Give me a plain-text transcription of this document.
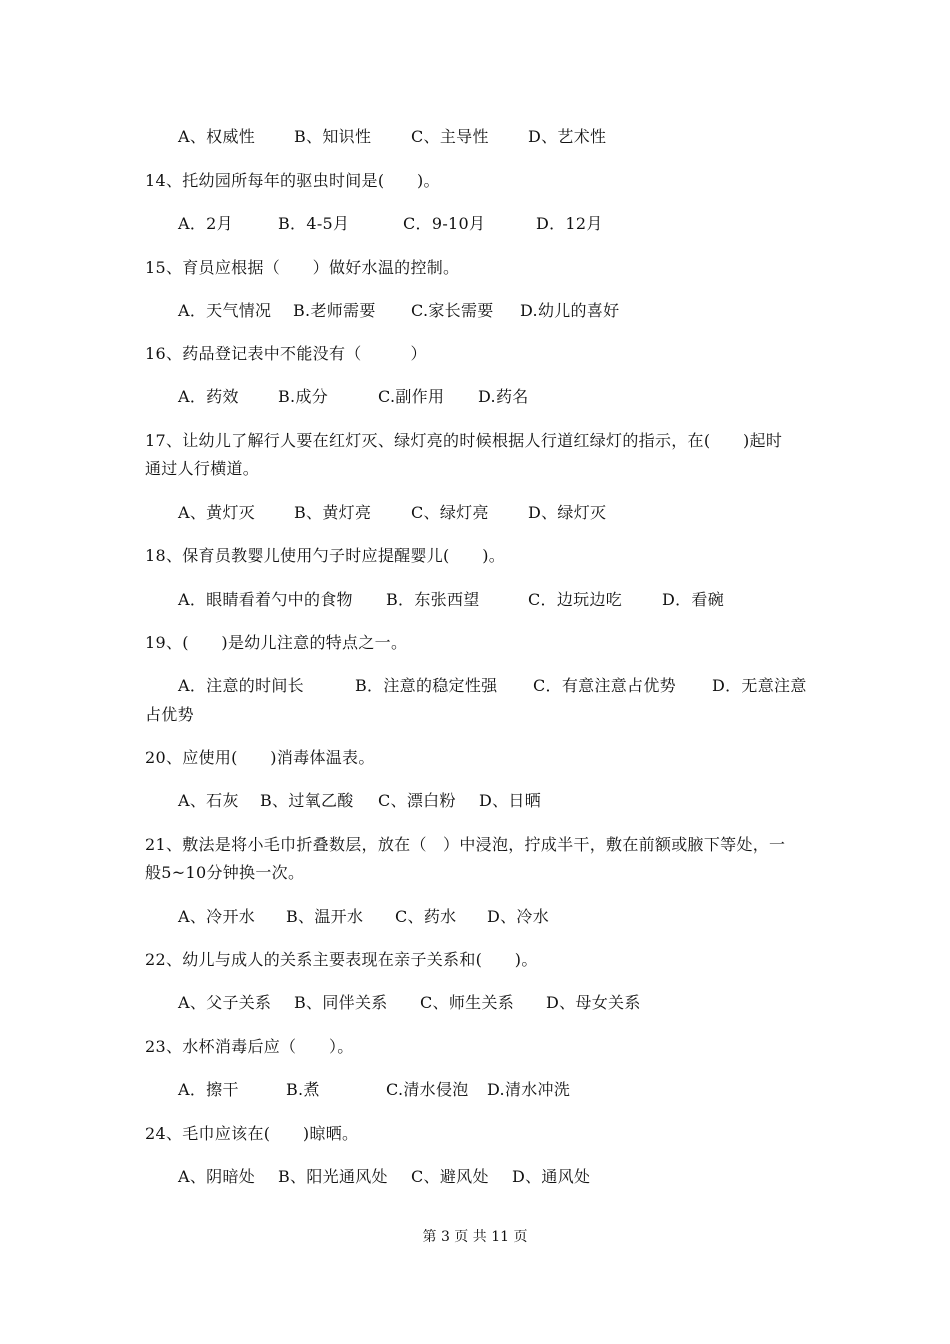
A、权威性 B、知识性 C、主导性 D、艺术性
14、托幼园所每年的驱虫时间是(　　)。
A．2月	B．4-5月	C．9-10月	D．12月
15、育员应根据（　　）做好水温的控制。
A．天气情况 B.老师需要 C.家长需要 D.幼儿的喜好
16、药品登记表中不能没有（　　　）
A．药效 B.成分	C.副作用 D.药名
17、让幼儿了解行人要在红灯灭、绿灯亮的时候根据人行道红绿灯的指示，在(　　)起时
通过人行横道。
A、黄灯灭 B、黄灯亮 C、绿灯亮 D、绿灯灭
18、保育员教婴儿使用勺子时应提醒婴儿(　　)。
A．眼睛看着勺中的食物 B．东张西望	C．边玩边吃 D．看碗
19、(　　)是幼儿注意的特点之一。
A．注意的时间长	B．注意的稳定性强 C．有意注意占优势 D．无意注意
占优势
20、应使用(　　)消毒体温表。
A、石灰 B、过氧乙酸 C、漂白粉 D、日晒
21、敷法是将小毛巾折叠数层，放在（　）中浸泡，拧成半干，敷在前额或腋下等处，一
般5~10分钟换一次。
A、冷开水 B、温开水 C、药水 D、冷水
22、幼儿与成人的关系主要表现在亲子关系和(　　)。
A、父子关系 B、同伴关系 C、师生关系 D、母女关系
23、水杯消毒后应（　　）。
A．擦干	B.煮	C.清水侵泡 D.清水冲洗
24、毛巾应该在(　　)晾晒。
A、阴暗处 B、阳光通风处 C、避风处 D、通风处
第 3 页 共 11 页
